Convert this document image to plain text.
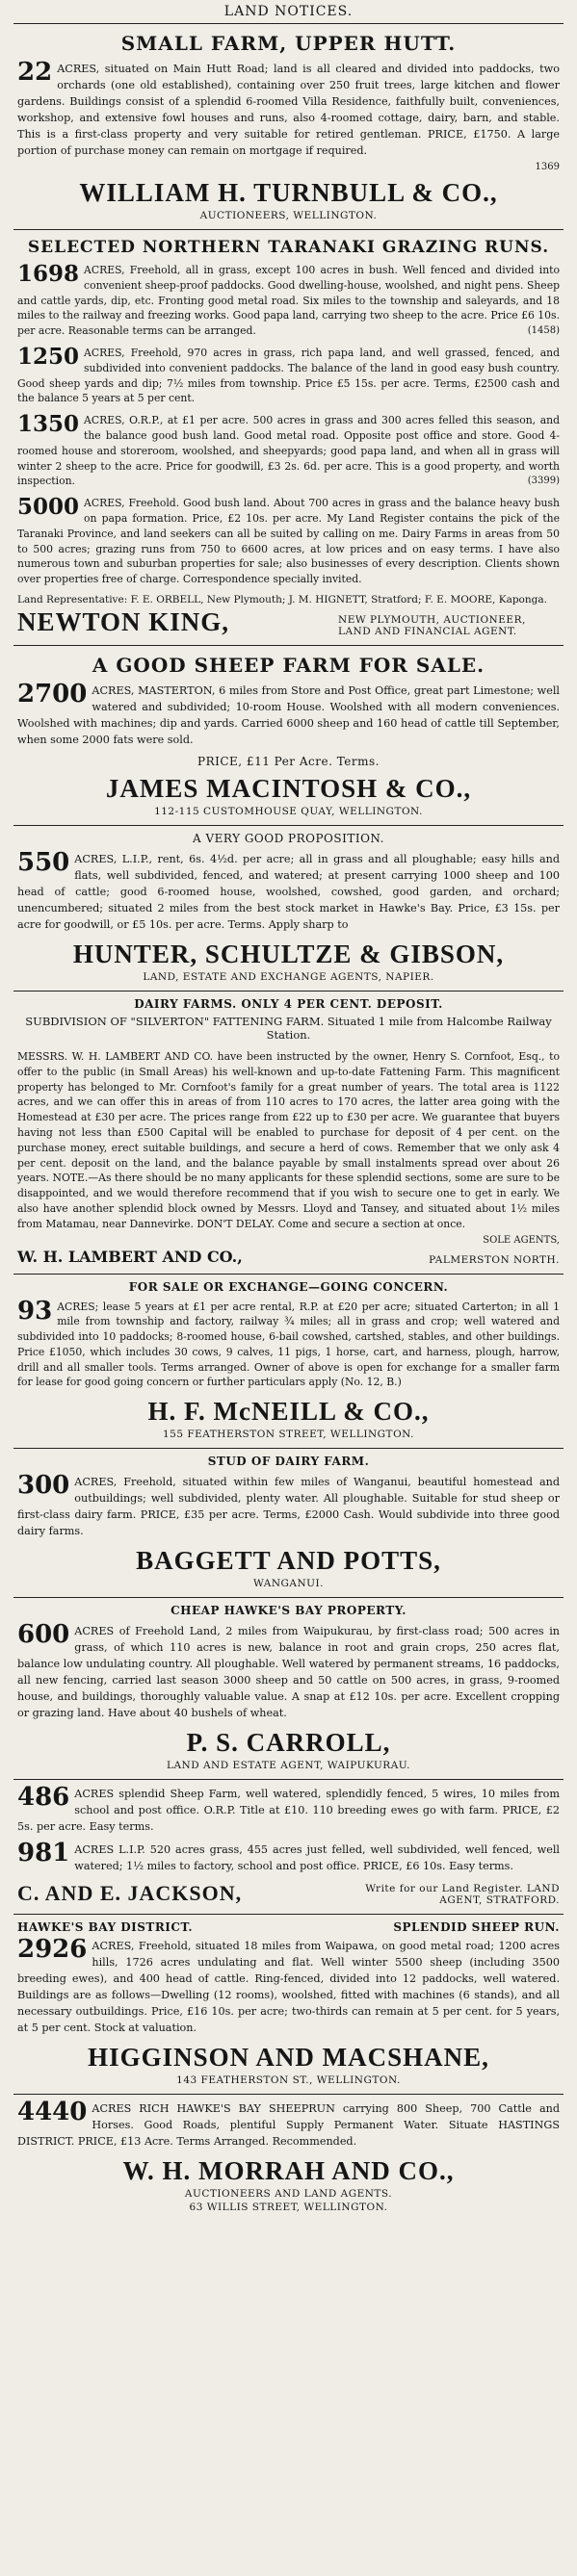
LAND NOTICES.
SMALL FARM, UPPER HUTT.

22 ACRES, situated on Main Hutt Road; land is all cleared and divided into paddocks, two orchards (one old established), containing over 250 fruit trees, large kitchen and flower gardens. Buildings consist of a splendid 6-roomed Villa Residence, faithfully built, conveniences, workshop, and extensive fowl houses and runs, also 4-roomed cottage, dairy, barn, and stable. This is a first-class property and very suitable for retired gentleman. PRICE, £1750. A large portion of purchase money can remain on mortgage if required.

1369
WILLIAM H. TURNBULL & CO.,
AUCTIONEERS, WELLINGTON.
SELECTED NORTHERN TARANAKI GRAZING RUNS.

1698 ACRES, Freehold, all in grass, except 100 acres in bush. Well fenced and divided into convenient sheep-proof paddocks. Good dwelling-house, woolshed, and night pens. Sheep and cattle yards, dip, etc. Fronting good metal road. Six miles to the township and saleyards, and 18 miles to the railway and freezing works. Good papa land, carrying two sheep to the acre. Price £6 10s. per acre. Reasonable terms can be arranged.	(1458)

1250 ACRES, Freehold, 970 acres in grass, rich papa land, and well grassed, fenced, and subdivided into convenient paddocks. The balance of the land in good easy bush country. Good sheep yards and dip; 7½ miles from township. Price £5 15s. per acre. Terms, £2500 cash and the balance 5 years at 5 per cent.

1350 ACRES, O.R.P., at £1 per acre. 500 acres in grass and 300 acres felled this season, and the balance good bush land. Good metal road. Opposite post office and store. Good 4-roomed house and storeroom, woolshed, and sheepyards; good papa land, and when all in grass will winter 2 sheep to the acre. Price for goodwill, £3 2s. 6d. per acre. This is a good property, and worth inspection.	(3399)

5000 ACRES, Freehold. Good bush land. About 700 acres in grass and the balance heavy bush on papa formation. Price, £2 10s. per acre. My Land Register contains the pick of the Taranaki Province, and land seekers can all be suited by calling on me. Dairy Farms in areas from 50 to 500 acres; grazing runs from 750 to 6600 acres, at low prices and on easy terms. I have also numerous town and suburban properties for sale; also businesses of every description. Clients shown over properties free of charge. Correspondence specially invited.

Land Representative: F. E. ORBELL, New Plymouth; J. M. HIGNETT, Stratford; F. E. MOORE, Kaponga.
NEWTON KING,	NEW PLYMOUTH, AUCTIONEER, LAND AND FINANCIAL AGENT.
A GOOD SHEEP FARM FOR SALE.

2700 ACRES, MASTERTON, 6 miles from Store and Post Office, great part Limestone; well watered and subdivided; 10-room House. Woolshed with all modern conveniences. Woolshed with machines; dip and yards. Carried 6000 sheep and 160 head of cattle till September, when some 2000 fats were sold.

PRICE, £11 Per Acre. Terms.
JAMES MACINTOSH & CO.,
112-115 CUSTOMHOUSE QUAY, WELLINGTON.
A VERY GOOD PROPOSITION.

550 ACRES, L.I.P., rent, 6s. 4½d. per acre; all in grass and all ploughable; easy hills and flats, well subdivided, fenced, and watered; at present carrying 1000 sheep and 100 head of cattle; good 6-roomed house, woolshed, cowshed, good garden, and orchard; unencumbered; situated 2 miles from the best stock market in Hawke's Bay. Price, £3 15s. per acre for goodwill, or £5 10s. per acre. Terms. Apply sharp to

HUNTER, SCHULTZE & GIBSON,
LAND, ESTATE AND EXCHANGE AGENTS, NAPIER.
DAIRY FARMS. ONLY 4 PER CENT. DEPOSIT.
SUBDIVISION OF "SILVERTON" FATTENING FARM. Situated 1 mile from Halcombe Railway Station.

MESSRS. W. H. LAMBERT AND CO. have been instructed by the owner, Henry S. Cornfoot, Esq., to offer to the public (in Small Areas) his well-known and up-to-date Fattening Farm. This magnificent property has belonged to Mr. Cornfoot's family for a great number of years. The total area is 1122 acres, and we can offer this in areas of from 110 acres to 170 acres, the latter area going with the Homestead at £30 per acre. The prices range from £22 up to £30 per acre. We guarantee that buyers having not less than £500 Capital will be enabled to purchase for deposit of 4 per cent. on the purchase money, erect suitable buildings, and secure a herd of cows. Remember that we only ask 4 per cent. deposit on the land, and the balance payable by small instalments spread over about 26 years. NOTE.—As there should be no many applicants for these splendid sections, some are sure to be disappointed, and we would therefore recommend that if you wish to secure one to get in early. We also have another splendid block owned by Messrs. Lloyd and Tansey, and situated about 1½ miles from Matamau, near Dannevirke. DON'T DELAY. Come and secure a section at once.

SOLE AGENTS,
W. H. LAMBERT AND CO.,	PALMERSTON NORTH.
FOR SALE OR EXCHANGE—GOING CONCERN.

93 ACRES; lease 5 years at £1 per acre rental, R.P. at £20 per acre; situated Carterton; in all 1 mile from township and factory, railway ¾ miles; all in grass and crop; well watered and subdivided into 10 paddocks; 8-roomed house, 6-bail cowshed, cartshed, stables, and other buildings. Price £1050, which includes 30 cows, 9 calves, 11 pigs, 1 horse, cart, and harness, plough, harrow, drill and all smaller tools. Terms arranged. Owner of above is open for exchange for a smaller farm for lease for good going concern or further particulars apply (No. 12, B.)

H. F. McNEILL & CO.,
155 FEATHERSTON STREET, WELLINGTON.
STUD OF DAIRY FARM.

300 ACRES, Freehold, situated within few miles of Wanganui, beautiful homestead and outbuildings; well subdivided, plenty water. All ploughable. Suitable for stud sheep or first-class dairy farm. PRICE, £35 per acre. Terms, £2000 Cash. Would subdivide into three good dairy farms.

BAGGETT AND POTTS,
WANGANUI.
CHEAP HAWKE'S BAY PROPERTY.

600 ACRES of Freehold Land, 2 miles from Waipukurau, by first-class road; 500 acres in grass, of which 110 acres is new, balance in root and grain crops, 250 acres flat, balance low undulating country. All ploughable. Well watered by permanent streams, 16 paddocks, all new fencing, carried last season 3000 sheep and 50 cattle on 500 acres, in grass, 9-roomed house, and buildings, thoroughly valuable value. A snap at £12 10s. per acre. Excellent cropping or grazing land. Have about 40 bushels of wheat.

P. S. CARROLL,
LAND AND ESTATE AGENT, WAIPUKURAU.

486 ACRES splendid Sheep Farm, well watered, splendidly fenced, 5 wires, 10 miles from school and post office. O.R.P. Title at £10. 110 breeding ewes go with farm. PRICE, £2 5s. per acre. Easy terms.

981 ACRES L.I.P. 520 acres grass, 455 acres just felled, well subdivided, well fenced, well watered; 1½ miles to factory, school and post office. PRICE, £6 10s. Easy terms.

C. AND E. JACKSON,	Write for our Land Register. LAND AGENT, STRATFORD.
HAWKE'S BAY DISTRICT.	SPLENDID SHEEP RUN.

2926 ACRES, Freehold, situated 18 miles from Waipawa, on good metal road; 1200 acres hills, 1726 acres undulating and flat. Well winter 5500 sheep (including 3500 breeding ewes), and 400 head of cattle. Ring-fenced, divided into 12 paddocks, well watered. Buildings are as follows—Dwelling (12 rooms), woolshed, fitted with machines (6 stands), and all necessary outbuildings. Price, £16 10s. per acre; two-thirds can remain at 5 per cent. for 5 years, at 5 per cent. Stock at valuation.

HIGGINSON AND MACSHANE,
143 FEATHERSTON ST., WELLINGTON.

4440 ACRES RICH HAWKE'S BAY SHEEPRUN carrying 800 Sheep, 700 Cattle and Horses. Good Roads, plentiful Supply Permanent Water. Situate HASTINGS DISTRICT. PRICE, £13 Acre. Terms Arranged. Recommended.

W. H. MORRAH AND CO.,
AUCTIONEERS AND LAND AGENTS.
63 WILLIS STREET, WELLINGTON.
